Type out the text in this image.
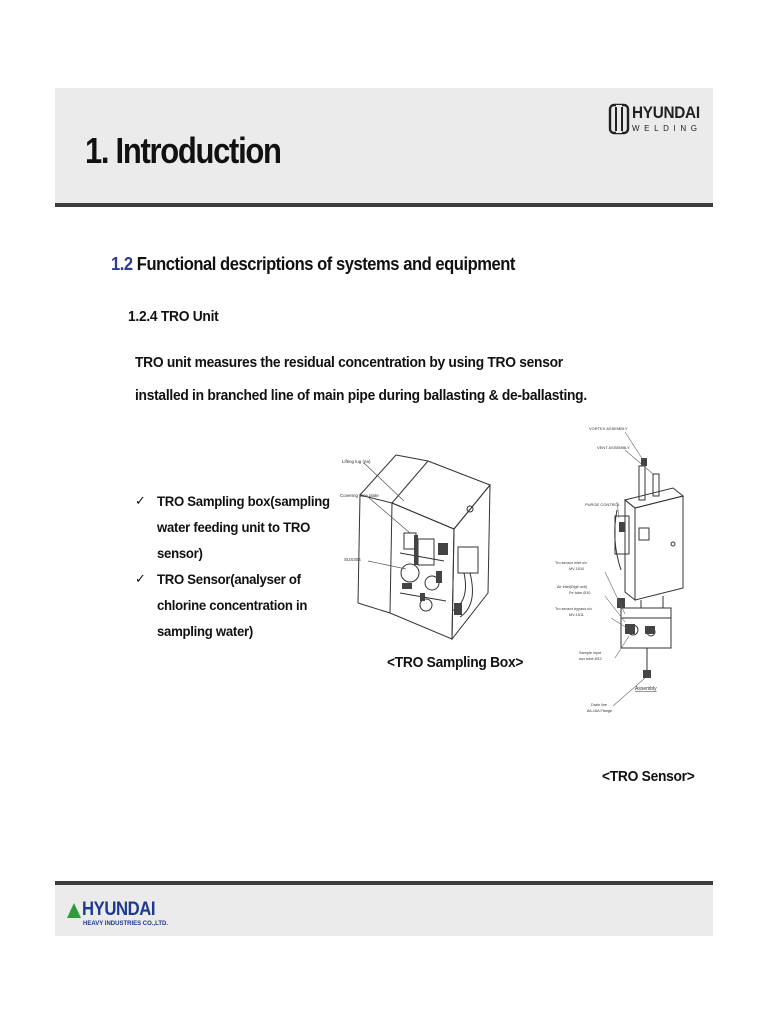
1. Introduction
HYUNDAI
WELDING
1.2 Functional descriptions of systems and equipment
1.2.4 TRO Unit

TRO unit measures the residual concentration by using TRO sensor installed in branched line of main pipe during ballasting & de-ballasting.

✓ TRO Sampling box(sampling water feeding unit to TRO sensor)
✓ TRO Sensor(analyser of chlorine concentration in sampling water)
Lifting lug (ea)
Covering face plate
SUS304
<TRO Sampling Box>
VORTEX ASSEMBLY
VENT ASSEMBLY
PURGE CONTROL
Tro sensor inlet s/v
MV-1510
Air inlet(Digit unit)
Pe tube Ø10
Tro sensor bypass s/v
MV-1511
Sample input
eux tube Ø12
Assembly
Drain line
8A-16A Flange
<TRO Sensor>
HYUNDAI
HEAVY INDUSTRIES CO.,LTD.
